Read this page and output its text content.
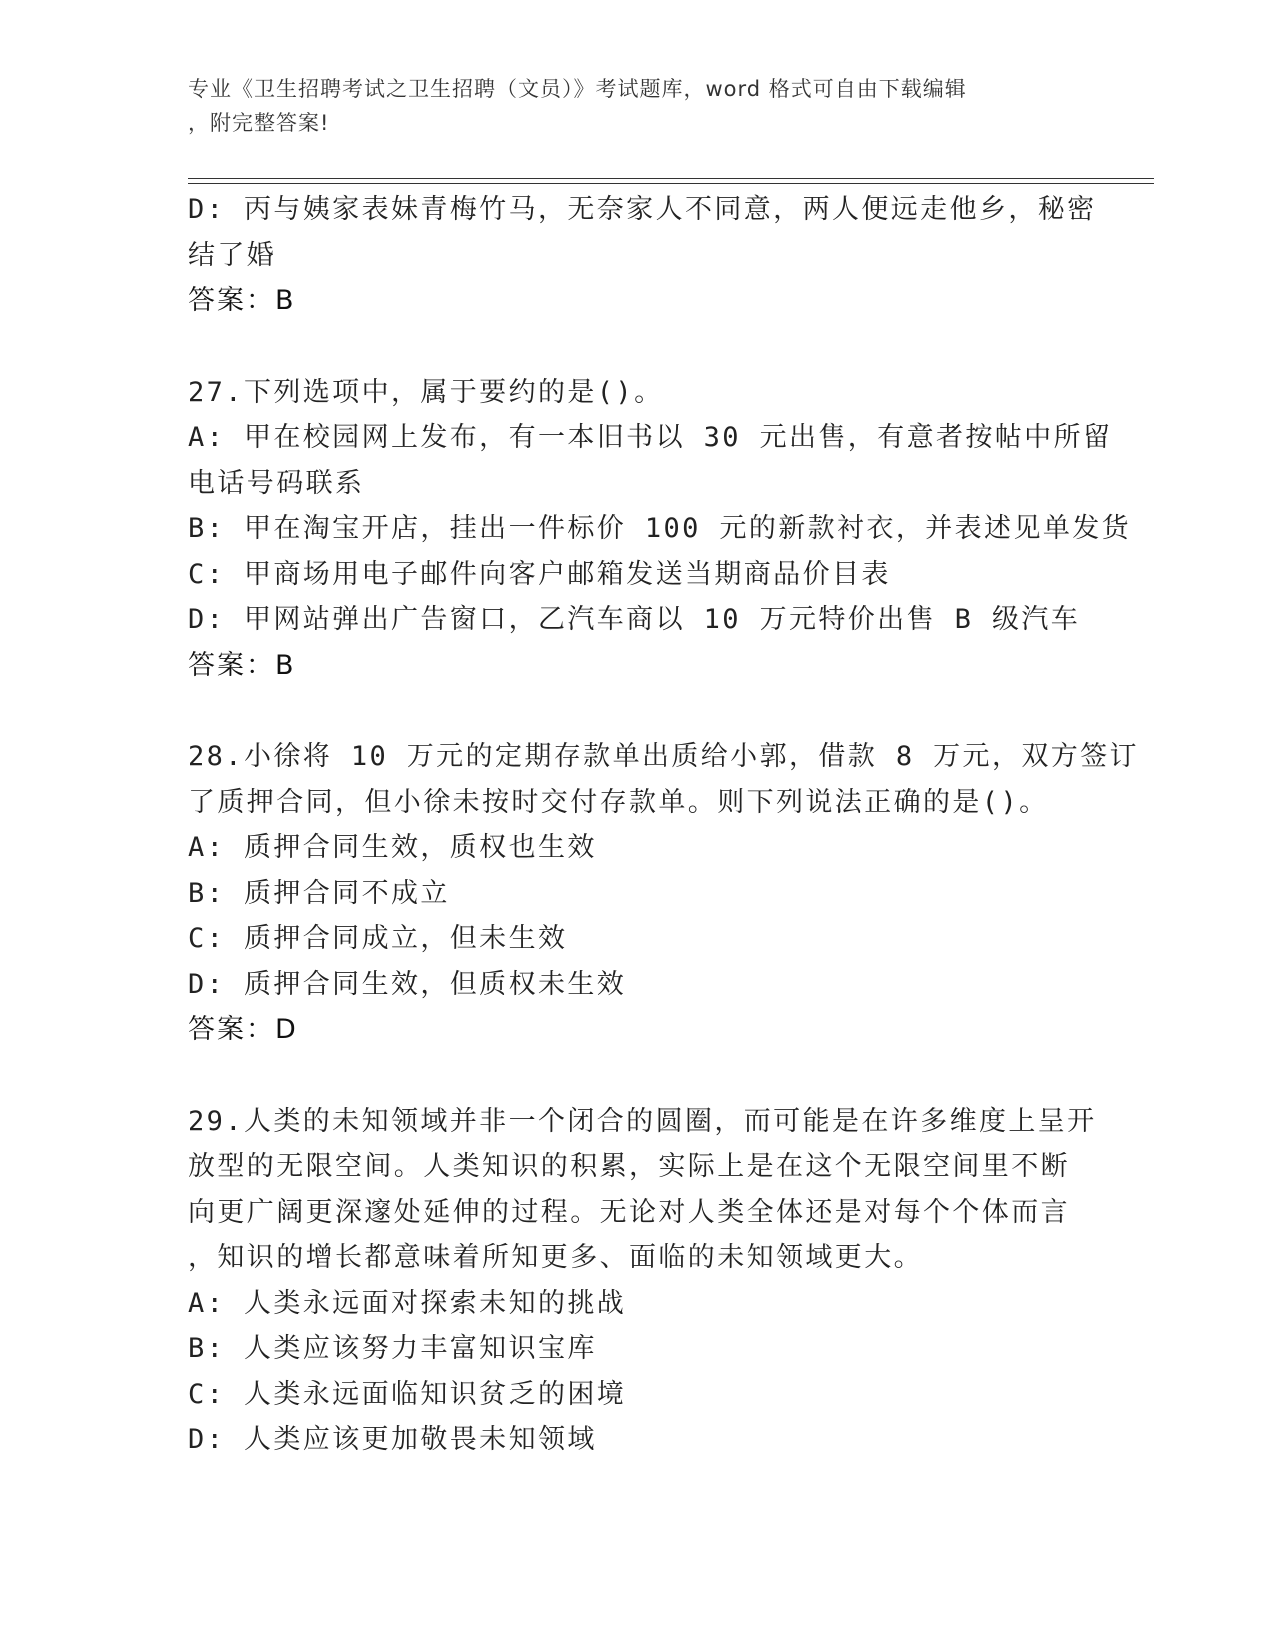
专业《卫生招聘考试之卫生招聘（文员）》考试题库，word 格式可自由下载编辑
，附完整答案!
D: 丙与姨家表妹青梅竹马，无奈家人不同意，两人便远走他乡，秘密
结了婚
答案：B
27.下列选项中，属于要约的是()。
A: 甲在校园网上发布，有一本旧书以 30 元出售，有意者按帖中所留
电话号码联系
B: 甲在淘宝开店，挂出一件标价 100 元的新款衬衣，并表述见单发货
C: 甲商场用电子邮件向客户邮箱发送当期商品价目表
D: 甲网站弹出广告窗口，乙汽车商以 10 万元特价出售 B 级汽车
答案：B
28.小徐将 10 万元的定期存款单出质给小郭，借款 8 万元，双方签订
了质押合同，但小徐未按时交付存款单。则下列说法正确的是()。
A: 质押合同生效，质权也生效
B: 质押合同不成立
C: 质押合同成立，但未生效
D: 质押合同生效，但质权未生效
答案：D
29.人类的未知领域并非一个闭合的圆圈，而可能是在许多维度上呈开
放型的无限空间。人类知识的积累，实际上是在这个无限空间里不断
向更广阔更深邃处延伸的过程。无论对人类全体还是对每个个体而言
，知识的增长都意味着所知更多、面临的未知领域更大。
A: 人类永远面对探索未知的挑战
B: 人类应该努力丰富知识宝库
C: 人类永远面临知识贫乏的困境
D: 人类应该更加敬畏未知领域
